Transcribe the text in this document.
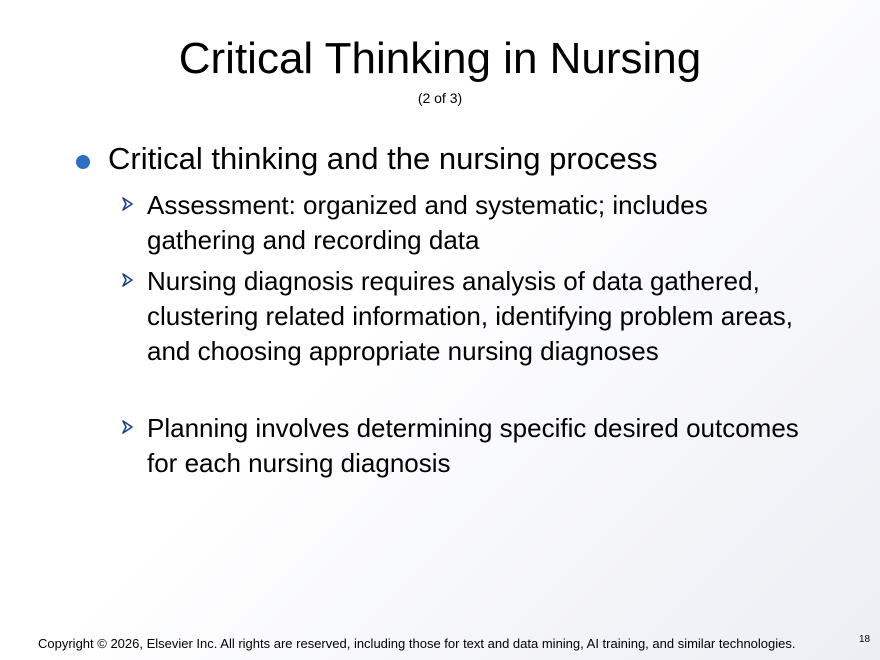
Critical Thinking in Nursing
(2 of 3)
Critical thinking and the nursing process
Assessment: organized and systematic; includes gathering and recording data
Nursing diagnosis requires analysis of data gathered, clustering related information, identifying problem areas, and choosing appropriate nursing diagnoses
Planning involves determining specific desired outcomes for each nursing diagnosis
Copyright © 2026, Elsevier Inc. All rights are reserved, including those for text and data mining, AI training, and similar technologies.	18
